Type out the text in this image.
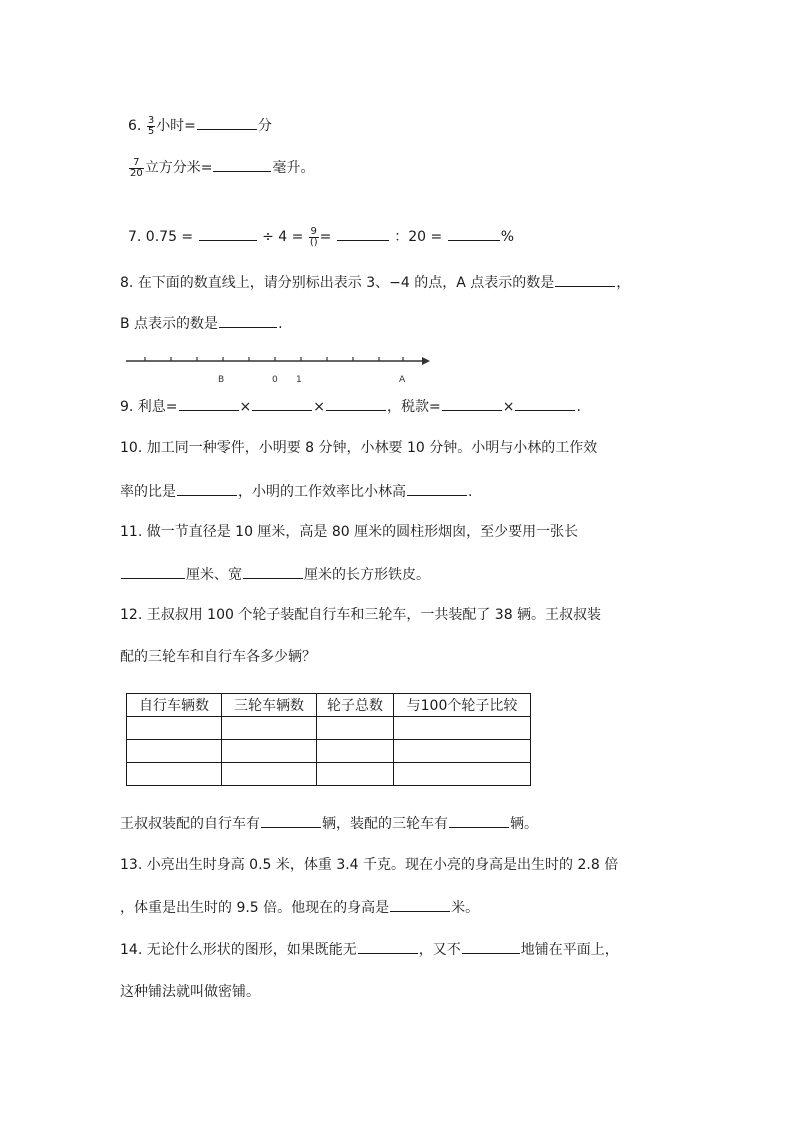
6. $\frac{3}{5}$ 小时=	分
$\frac{7}{20}$ 立方分米=	毫升。
7. 0.75 =	÷ $4 = \frac{9}{()}$ =	：20 =	%
8. 在下面的数直线上，请分别标出表示 3、−4 的点，A 点表示的数是	，
B 点表示的数是	.
B	0 1	A
9. 利息=	×	×	，税款=	×	.
10. 加工同一种零件，小明要 8 分钟，小林要 10 分钟。小明与小林的工作效
率的比是	，小明的工作效率比小林高	.
11. 做一节直径是 10 厘米，高是 80 厘米的圆柱形烟囱，至少要用一张长
厘米、宽	厘米的长方形铁皮。
12. 王叔叔用 100 个轮子装配自行车和三轮车，一共装配了 38 辆。王叔叔装
配的三轮车和自行车各多少辆？
自行车辆数	三轮车辆数	轮子总数	与100个轮子比较

王叔叔装配的自行车有	辆，装配的三轮车有	辆。
13. 小亮出生时身高 0.5 米，体重 3.4 千克。现在小亮的身高是出生时的 2.8 倍
，体重是出生时的 9.5 倍。他现在的身高是	米。
14. 无论什么形状的图形，如果既能无	，又不	地铺在平面上，
这种铺法就叫做密铺。
